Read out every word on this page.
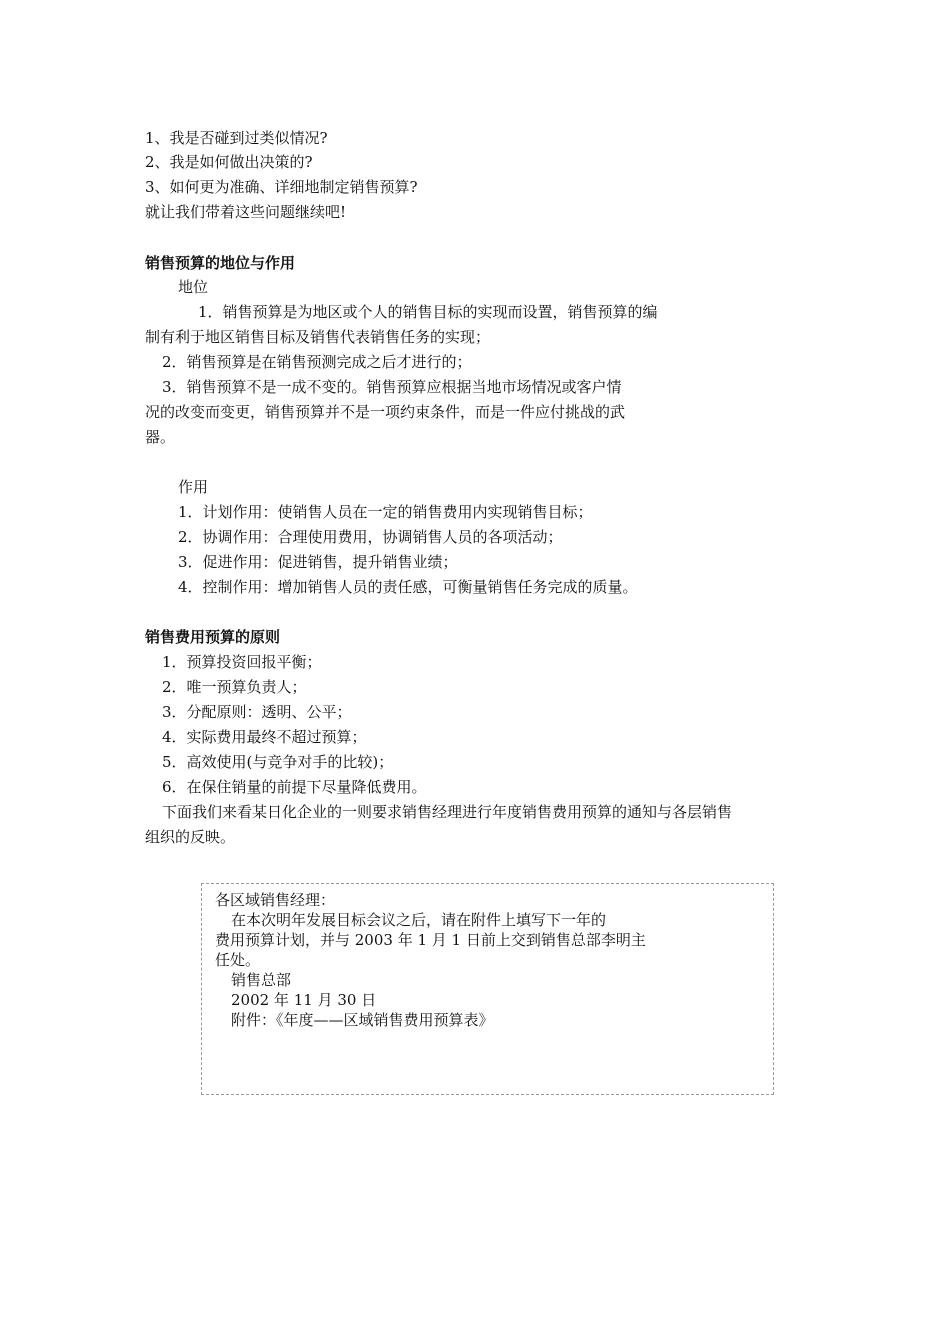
1、我是否碰到过类似情况?

2、我是如何做出决策的?

3、如何更为准确、详细地制定销售预算?

就让我们带着这些问题继续吧!

销售预算的地位与作用

地位

1．销售预算是为地区或个人的销售目标的实现而设置，销售预算的编

制有利于地区销售目标及销售代表销售任务的实现；

2．销售预算是在销售预测完成之后才进行的；

3．销售预算不是一成不变的。销售预算应根据当地市场情况或客户情

况的改变而变更，销售预算并不是一项约束条件，而是一件应付挑战的武

器。

作用

1．计划作用：使销售人员在一定的销售费用内实现销售目标；

2．协调作用：合理使用费用，协调销售人员的各项活动；

3．促进作用：促进销售，提升销售业绩；

4．控制作用：增加销售人员的责任感，可衡量销售任务完成的质量。

销售费用预算的原则

1．预算投资回报平衡；

2．唯一预算负责人；

3．分配原则：透明、公平；

4．实际费用最终不超过预算；

5．高效使用(与竞争对手的比较)；

6．在保住销量的前提下尽量降低费用。

下面我们来看某日化企业的一则要求销售经理进行年度销售费用预算的通知与各层销售

组织的反映。

各区域销售经理：

在本次明年发展目标会议之后，请在附件上填写下一年的

费用预算计划，并与 2003 年 1 月 1 日前上交到销售总部李明主

任处。

销售总部

2002 年 11 月 30 日

附件：《年度——区域销售费用预算表》
